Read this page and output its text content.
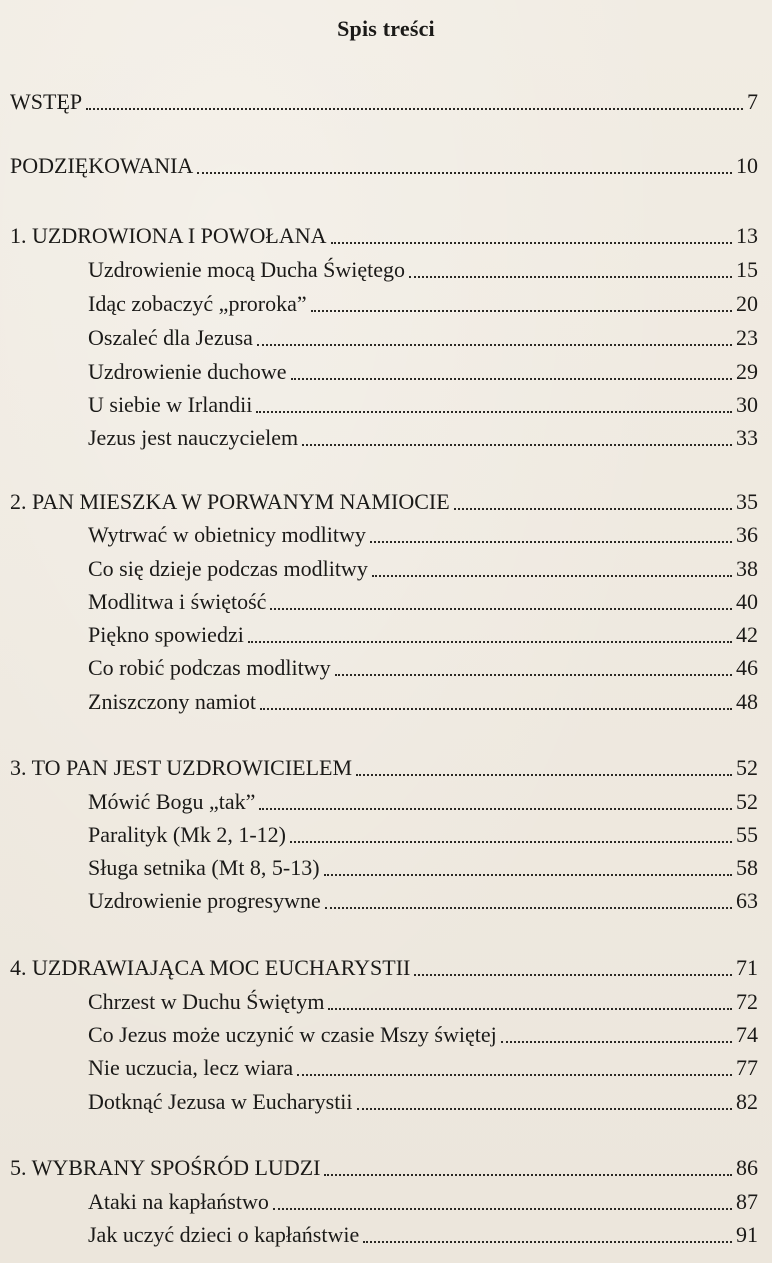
Spis treści
WSTĘP	7
PODZIĘKOWANIA	10
1. UZDROWIONA I POWOŁANA	13
Uzdrowienie mocą Ducha Świętego	15
Idąc zobaczyć „proroka”	20
Oszaleć dla Jezusa	23
Uzdrowienie duchowe	29
U siebie w Irlandii	30
Jezus jest nauczycielem	33
2. PAN MIESZKA W PORWANYM NAMIOCIE	35
Wytrwać w obietnicy modlitwy	36
Co się dzieje podczas modlitwy	38
Modlitwa i świętość	40
Piękno spowiedzi	42
Co robić podczas modlitwy	46
Zniszczony namiot	48
3. TO PAN JEST UZDROWICIELEM	52
Mówić Bogu „tak”	52
Paralityk (Mk 2, 1-12)	55
Sługa setnika (Mt 8, 5-13)	58
Uzdrowienie progresywne	63
4. UZDRAWIAJĄCA MOC EUCHARYSTII	71
Chrzest w Duchu Świętym	72
Co Jezus może uczynić w czasie Mszy świętej	74
Nie uczucia, lecz wiara	77
Dotknąć Jezusa w Eucharystii	82
5. WYBRANY SPOŚRÓD LUDZI	86
Ataki na kapłaństwo	87
Jak uczyć dzieci o kapłaństwie	91
